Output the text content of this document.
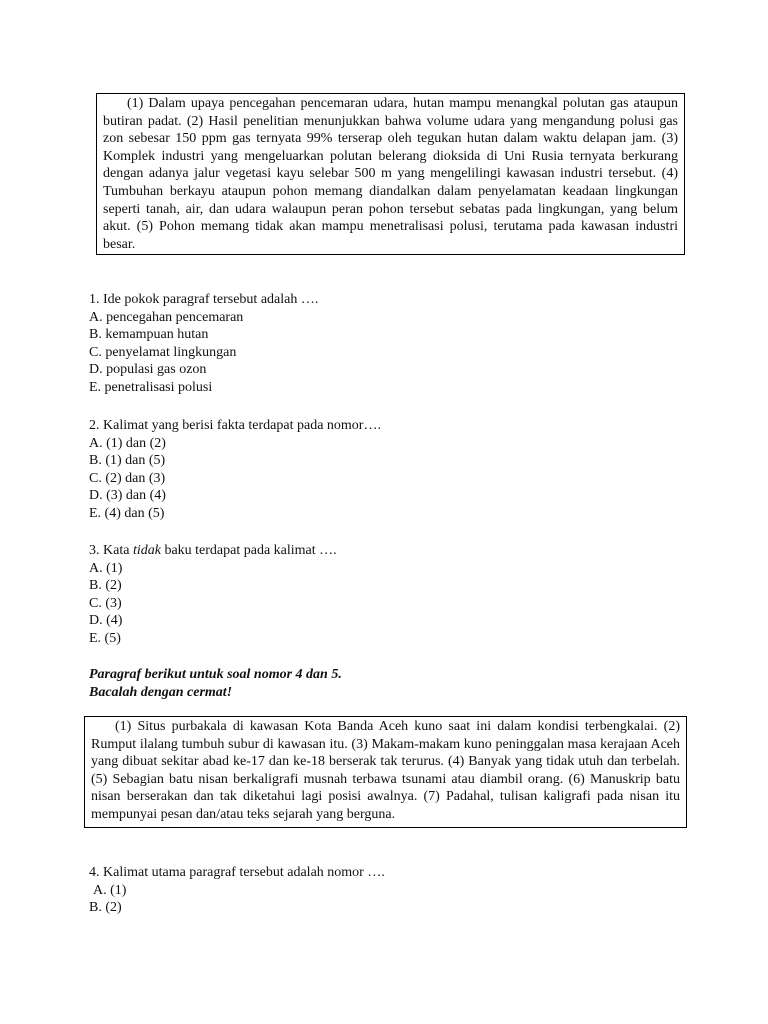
(1) Dalam upaya pencegahan pencemaran udara, hutan mampu menangkal polutan gas ataupun butiran padat. (2) Hasil penelitian menunjukkan bahwa volume udara yang mengandung polusi gas zon sebesar 150 ppm gas ternyata 99% terserap oleh tegukan hutan dalam waktu delapan jam. (3) Komplek industri yang mengeluarkan polutan belerang dioksida di Uni Rusia ternyata berkurang dengan adanya jalur vegetasi kayu selebar 500 m yang mengelilingi kawasan industri tersebut. (4) Tumbuhan berkayu ataupun pohon memang diandalkan dalam penyelamatan keadaan lingkungan seperti tanah, air, dan udara walaupun peran pohon tersebut sebatas pada lingkungan, yang belum akut. (5) Pohon memang tidak akan mampu menetralisasi polusi, terutama pada kawasan industri besar.

1. Ide pokok paragraf tersebut adalah ….
A. pencegahan pencemaran
B. kemampuan hutan
C. penyelamat lingkungan
D. populasi gas ozon
E. penetralisasi polusi
2. Kalimat yang berisi fakta terdapat pada nomor….
A. (1) dan (2)
B. (1) dan (5)
C. (2) dan (3)
D. (3) dan (4)
E. (4) dan (5)
3. Kata tidak baku terdapat pada kalimat ….
A. (1)
B. (2)
C. (3)
D. (4)
E. (5)
Paragraf berikut untuk soal nomor 4 dan 5.
Bacalah dengan cermat!

(1) Situs purbakala di kawasan Kota Banda Aceh kuno saat ini dalam kondisi terbengkalai. (2) Rumput ilalang tumbuh subur di kawasan itu. (3) Makam-makam kuno peninggalan masa kerajaan Aceh yang dibuat sekitar abad ke-17 dan ke-18 berserak tak terurus. (4) Banyak yang tidak utuh dan terbelah. (5) Sebagian batu nisan berkaligrafi musnah terbawa tsunami atau diambil orang. (6) Manuskrip batu nisan berserakan dan tak diketahui lagi posisi awalnya. (7) Padahal, tulisan kaligrafi pada nisan itu mempunyai pesan dan/atau teks sejarah yang berguna.

4. Kalimat utama paragraf tersebut adalah nomor ….
A. (1)
B. (2)
